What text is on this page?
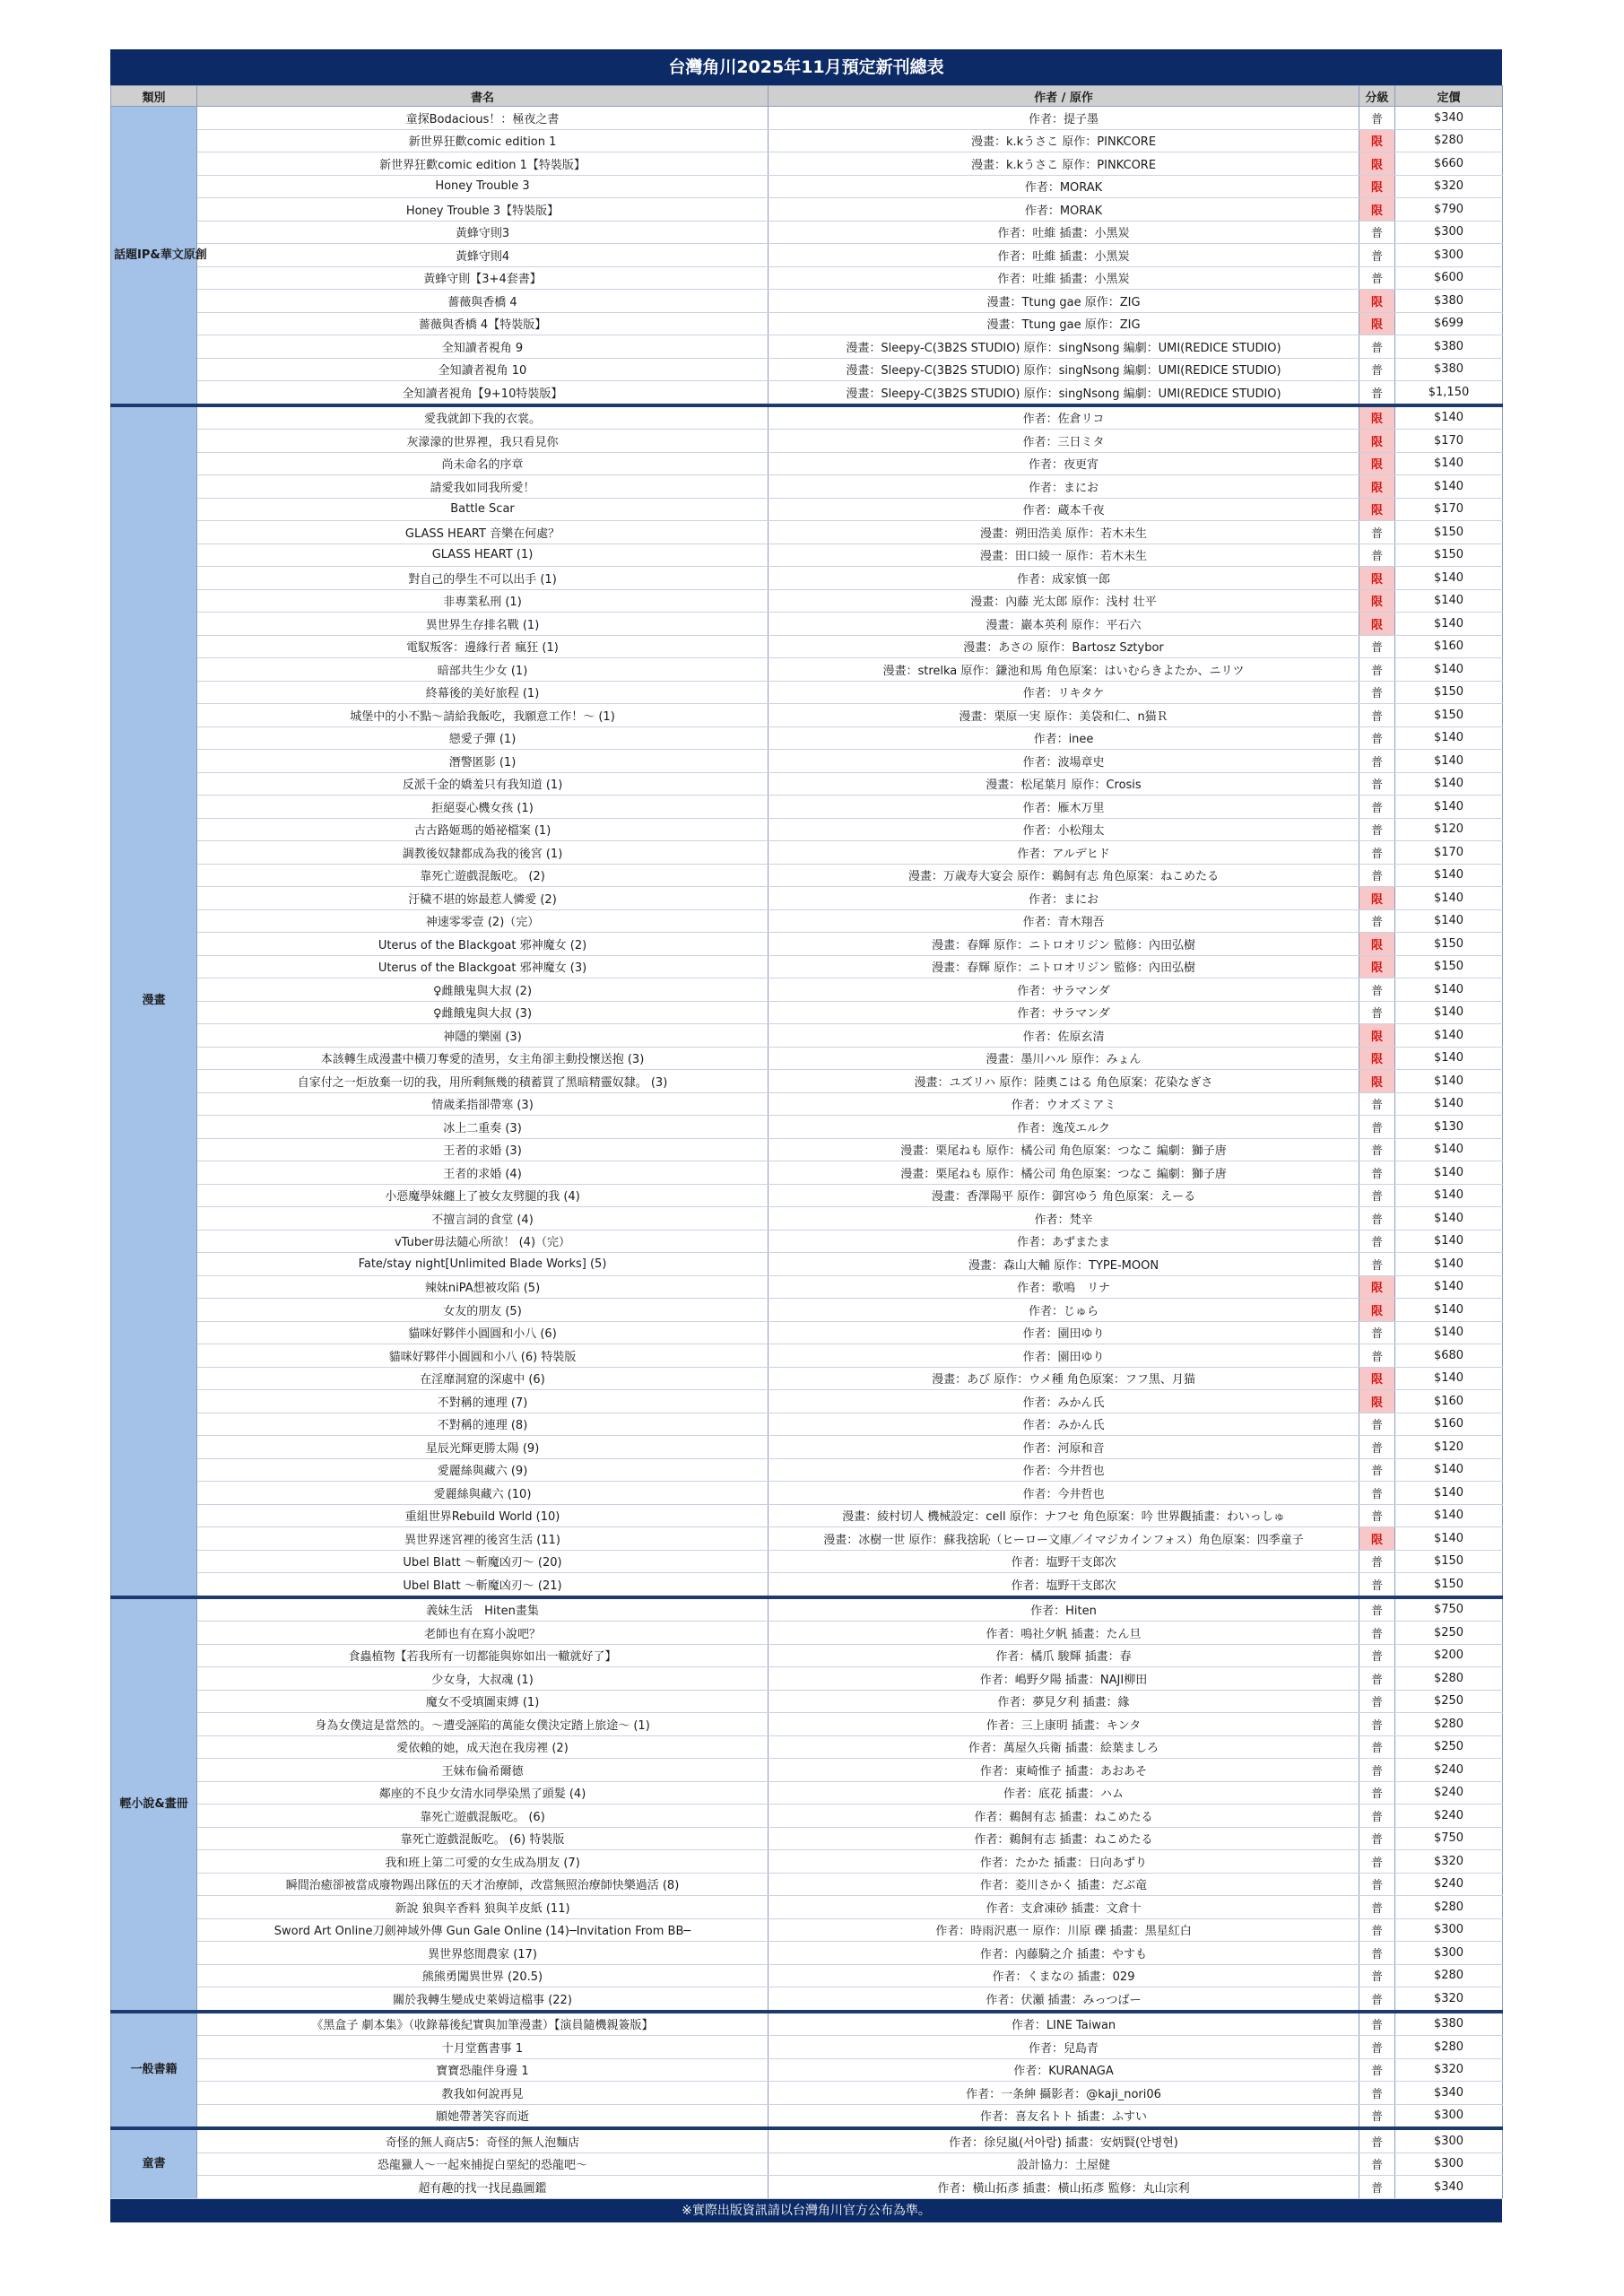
台灣角川2025年11月預定新刊總表
類別	書名	作者 / 原作	分級	定價
話題IP&華文原創	童探Bodacious！：極夜之書	作者：提子墨	普	$340
	新世界狂歡comic edition 1	漫畫：k.kうさこ 原作：PINKCORE	限	$280
	新世界狂歡comic edition 1【特裝版】	漫畫：k.kうさこ 原作：PINKCORE	限	$660
	Honey Trouble 3	作者：MORAK	限	$320
	Honey Trouble 3【特裝版】	作者：MORAK	限	$790
	黃蜂守則3	作者：吐維 插畫：小黑炭	普	$300
	黃蜂守則4	作者：吐維 插畫：小黑炭	普	$300
	黃蜂守則【3+4套書】	作者：吐維 插畫：小黑炭	普	$600
	薔薇與香橋 4	漫畫：Ttung gae 原作：ZIG	限	$380
	薔薇與香橋 4【特裝版】	漫畫：Ttung gae 原作：ZIG	限	$699
	全知讀者視角 9	漫畫：Sleepy-C(3B2S STUDIO) 原作：singNsong 編劇：UMI(REDICE STUDIO)	普	$380
	全知讀者視角 10	漫畫：Sleepy-C(3B2S STUDIO) 原作：singNsong 編劇：UMI(REDICE STUDIO)	普	$380
	全知讀者視角【9+10特裝版】	漫畫：Sleepy-C(3B2S STUDIO) 原作：singNsong 編劇：UMI(REDICE STUDIO)	普	$1,150
漫畫	愛我就卸下我的衣裳。	作者：佐倉リコ	限	$140
	灰濛濛的世界裡，我只看見你	作者：三日ミタ	限	$170
	尚未命名的序章	作者：夜更宵	限	$140
	請愛我如同我所愛！	作者：まにお	限	$140
	Battle Scar	作者：蔵本千夜	限	$170
	GLASS HEART 音樂在何處？	漫畫：朔田浩美 原作：若木未生	普	$150
	GLASS HEART (1)	漫畫：田口綾一 原作：若木未生	普	$150
	對自己的學生不可以出手 (1)	作者：成家慎一郎	限	$140
	非專業私刑 (1)	漫畫：內藤 光太郎 原作：浅村 壮平	限	$140
	異世界生存排名戰 (1)	漫畫：巖本英利 原作：平石六	限	$140
	電馭叛客：邊緣行者 瘋狂 (1)	漫畫：あさの 原作：Bartosz Sztybor	普	$160
	暗部共生少女 (1)	漫畫：strelka 原作：鎌池和馬 角色原案：はいむらきよたか、ニリツ	普	$140
	終幕後的美好旅程 (1)	作者：リキタケ	普	$150
	城堡中的小不點～請給我飯吃，我願意工作！～ (1)	漫畫：栗原一実 原作：美袋和仁、n猫Ｒ	普	$150
	戀愛子彈 (1)	作者：inee	普	$140
	潛警匿影 (1)	作者：波場章史	普	$140
	反派千金的嬌羞只有我知道 (1)	漫畫：松尾葉月 原作：Crosis	普	$140
	拒絕耍心機女孩 (1)	作者：雁木万里	普	$140
	古古路姬瑪的婚祕檔案 (1)	作者：小松翔太	普	$120
	調教後奴隸都成為我的後宮 (1)	作者：アルデヒド	普	$170
	靠死亡遊戲混飯吃。 (2)	漫畫：万歳寿大宴会 原作：鵜飼有志 角色原案：ねこめたる	普	$140
	汙穢不堪的妳最惹人憐愛 (2)	作者：まにお	限	$140
	神速零零壹 (2)（完）	作者：青木翔吾	普	$140
	Uterus of the Blackgoat 邪神魔女 (2)	漫畫：春輝 原作：ニトロオリジン 監修：內田弘樹	限	$150
	Uterus of the Blackgoat 邪神魔女 (3)	漫畫：春輝 原作：ニトロオリジン 監修：內田弘樹	限	$150
	♀雌餓鬼與大叔 (2)	作者：サラマンダ	普	$140
	♀雌餓鬼與大叔 (3)	作者：サラマンダ	普	$140
	神隱的樂園 (3)	作者：佐原玄清	限	$140
	本該轉生成漫畫中橫刀奪愛的渣男，女主角卻主動投懷送抱 (3)	漫畫：墨川ハル 原作：みょん	限	$140
	自家付之一炬放棄一切的我，用所剩無幾的積蓄買了黑暗精靈奴隸。 (3)	漫畫：ユズリハ 原作：陸奧こはる 角色原案：花染なぎさ	限	$140
	情歲柔指卻帶寒 (3)	作者：ウオズミアミ	普	$140
	冰上二重奏 (3)	作者：逸茂エルク	普	$130
	王者的求婚 (3)	漫畫：栗尾ねも 原作：橘公司 角色原案：つなこ 編劇：獅子唐	普	$140
	王者的求婚 (4)	漫畫：栗尾ねも 原作：橘公司 角色原案：つなこ 編劇：獅子唐	普	$140
	小惡魔學妹纏上了被女友劈腿的我 (4)	漫畫：香澤陽平 原作：御宮ゆう 角色原案：えーる	普	$140
	不擅言詞的食堂 (4)	作者：梵辛	普	$140
	vTuber毋法隨心所欲！ (4)（完）	作者：あずまたま	普	$140
	Fate/stay night[Unlimited Blade Works] (5)	漫畫：森山大輔 原作：TYPE-MOON	普	$140
	辣妹niPA想被攻陷 (5)	作者：歌鳴　リナ	限	$140
	女友的朋友 (5)	作者：じゅら	限	$140
	貓咪好夥伴小圓圓和小八 (6)	作者：園田ゆり	普	$140
	貓咪好夥伴小圓圓和小八 (6) 特裝版	作者：園田ゆり	普	$680
	在淫靡洞窟的深處中 (6)	漫畫：あび 原作：ウメ種 角色原案：フフ黒、月猫	限	$140
	不對稱的連理 (7)	作者：みかん氏	限	$160
	不對稱的連理 (8)	作者：みかん氏	普	$160
	星辰光輝更勝太陽 (9)	作者：河原和音	普	$120
	愛麗絲與藏六 (9)	作者：今井哲也	普	$140
	愛麗絲與藏六 (10)	作者：今井哲也	普	$140
	重組世界Rebuild World (10)	漫畫：綾村切人 機械設定：cell 原作：ナフセ 角色原案：吟 世界觀插畫：わいっしゅ	普	$140
	異世界迷宮裡的後宮生活 (11)	漫畫：冰樹一世 原作：蘇我捨恥（ヒーロー文庫／イマジカインフォス）角色原案：四季童子	限	$140
	Ubel Blatt ～斬魔凶刃～ (20)	作者：塩野干支郎次	普	$150
	Ubel Blatt ～斬魔凶刃～ (21)	作者：塩野干支郎次	普	$150
輕小說&畫冊	義妹生活　Hiten畫集	作者：Hiten	普	$750
	老師也有在寫小說吧？	作者：鳴社夕帆 插畫：たん旦	普	$250
	食蟲植物【若我所有一切都能與妳如出一轍就好了】	作者：橘爪 駿輝 插畫：春	普	$200
	少女身，大叔魂 (1)	作者：嶋野夕陽 插畫：NAJI柳田	普	$280
	魔女不受填圖束縛 (1)	作者：夢見夕利 插畫：緣	普	$250
	身為女僕這是當然的。～遭受誣陷的萬能女僕決定踏上旅途～ (1)	作者：三上康明 插畫：キンタ	普	$280
	愛依賴的她，成天泡在我房裡 (2)	作者：萬屋久兵衛 插畫：絵葉ましろ	普	$250
	王妹布倫希爾德	作者：東崎惟子 插畫：あおあそ	普	$240
	鄰座的不良少女清水同學染黑了頭髮 (4)	作者：底花 插畫：ハム	普	$240
	靠死亡遊戲混飯吃。 (6)	作者：鵜飼有志 插畫：ねこめたる	普	$240
	靠死亡遊戲混飯吃。 (6) 特裝版	作者：鵜飼有志 插畫：ねこめたる	普	$750
	我和班上第二可愛的女生成為朋友 (7)	作者：たかた 插畫：日向あずり	普	$320
	瞬間治癒卻被當成廢物踢出隊伍的天才治療師，改當無照治療師快樂過活 (8)	作者：菱川さかく 插畫：だぶ竜	普	$240
	新說 狼與辛香料 狼與羊皮紙 (11)	作者：支倉凍砂 插畫：文倉十	普	$280
	Sword Art Online刀劍神域外傳 Gun Gale Online (14)─Invitation From BB─	作者：時雨沢惠一 原作：川原 礫 插畫：黒星紅白	普	$300
	異世界悠閒農家 (17)	作者：內藤騎之介 插畫：やすも	普	$300
	熊熊勇闖異世界 (20.5)	作者：くまなの 插畫：029	普	$280
	關於我轉生變成史萊姆這檔事 (22)	作者：伏瀬 插畫：みっつばー	普	$320
一般書籍	《黑盒子 劇本集》（收錄幕後紀實與加筆漫畫）【演員隨機親簽版】	作者：LINE Taiwan	普	$380
	十月堂舊書事 1	作者：兒島青	普	$280
	寶寶恐龍伴身邊 1	作者：KURANAGA	普	$320
	教我如何說再見	作者：一条紳 攝影者：@kaji_nori06	普	$340
	願她帶著笑容而逝	作者：喜友名トト 插畫：ふすい	普	$300
童書	奇怪的無人商店5：奇怪的無人泡麵店	作者：徐兒嵐(서아람) 插畫：安炳賢(안병현)	普	$300
	恐龍獵人～一起來捕捉白堊紀的恐龍吧～	設計協力：土屋健	普	$300
	超有趣的找一找昆蟲圖鑑	作者：橫山拓彥 插畫：橫山拓彥 監修：丸山宗利	普	$340
※實際出版資訊請以台灣角川官方公布為準。
